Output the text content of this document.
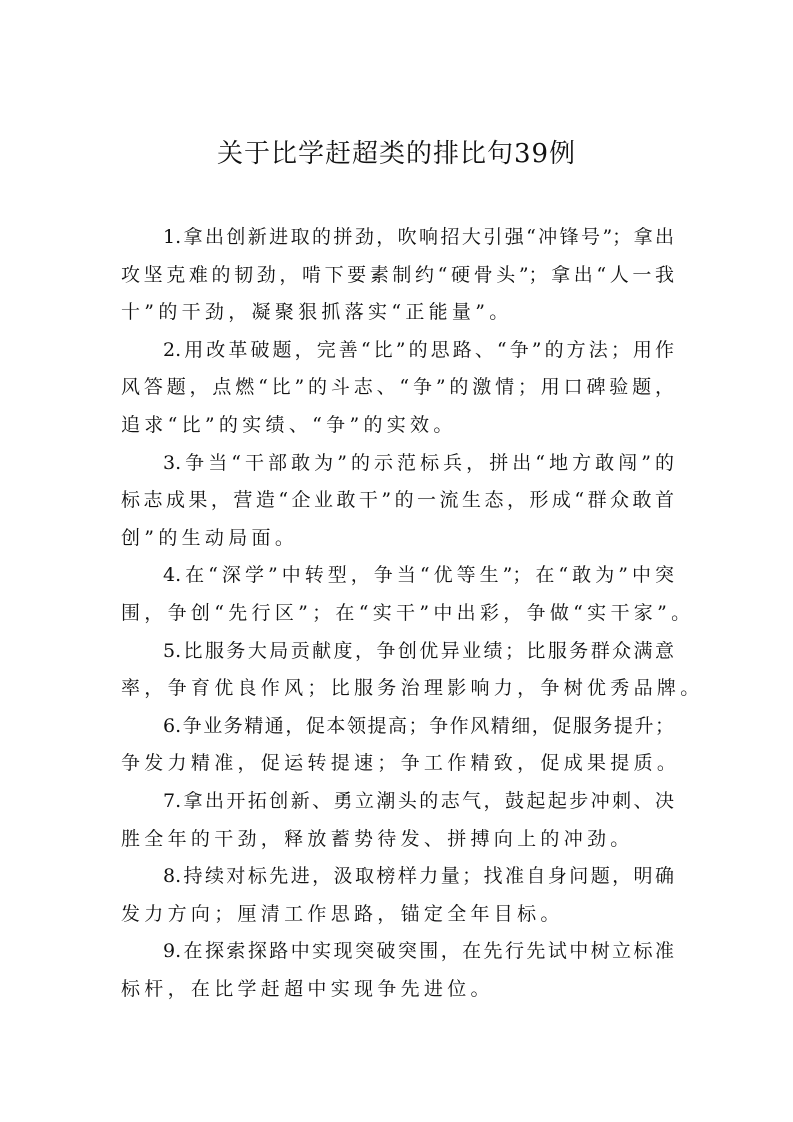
关于比学赶超类的排比句39例
1.拿出创新进取的拼劲，吹响招大引强“冲锋号”；拿出
攻坚克难的韧劲，啃下要素制约“硬骨头”；拿出“人一我
十”的干劲，凝聚狠抓落实“正能量”。
2.用改革破题，完善“比”的思路、“争”的方法；用作
风答题，点燃“比”的斗志、“争”的激情；用口碑验题，
追求“比”的实绩、“争”的实效。
3.争当“干部敢为”的示范标兵，拼出“地方敢闯”的
标志成果，营造“企业敢干”的一流生态，形成“群众敢首
创”的生动局面。
4.在“深学”中转型，争当“优等生”；在“敢为”中突
围，争创“先行区”；在“实干”中出彩，争做“实干家”。
5.比服务大局贡献度，争创优异业绩；比服务群众满意
率，争育优良作风；比服务治理影响力，争树优秀品牌。
6.争业务精通，促本领提高；争作风精细，促服务提升；
争发力精准，促运转提速；争工作精致，促成果提质。
7.拿出开拓创新、勇立潮头的志气，鼓起起步冲刺、决
胜全年的干劲，释放蓄势待发、拼搏向上的冲劲。
8.持续对标先进，汲取榜样力量；找准自身问题，明确
发力方向；厘清工作思路，锚定全年目标。
9.在探索探路中实现突破突围，在先行先试中树立标准
标杆，在比学赶超中实现争先进位。
